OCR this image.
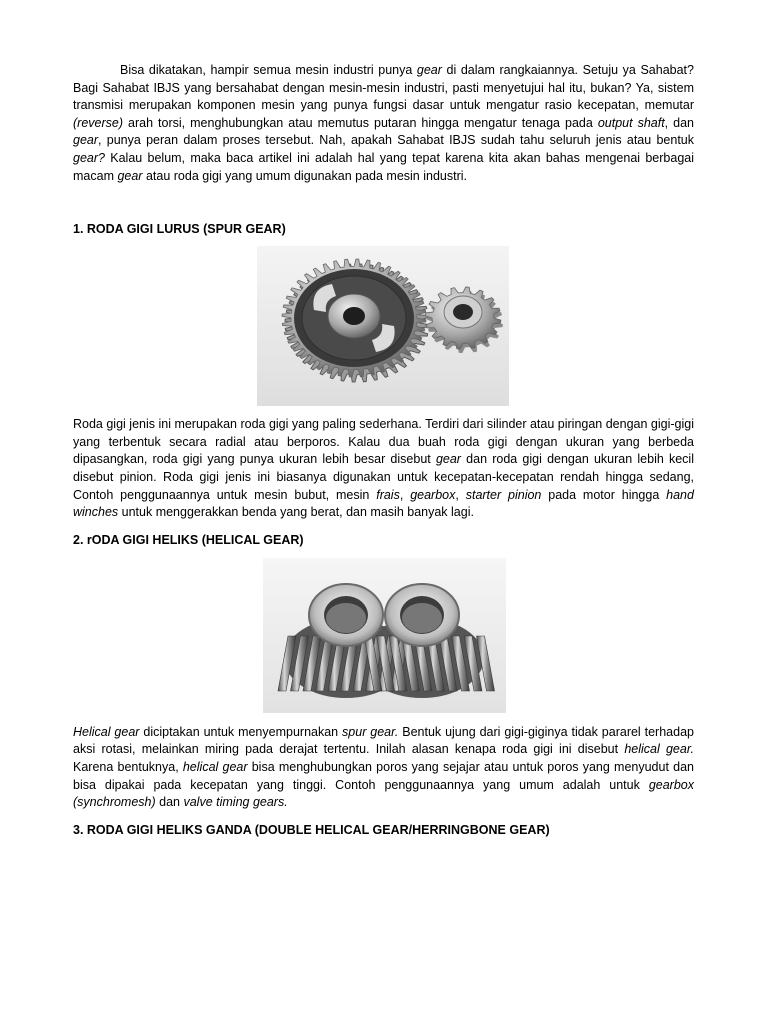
Bisa dikatakan, hampir semua mesin industri punya gear di dalam rangkaiannya. Setuju ya Sahabat? Bagi Sahabat IBJS yang bersahabat dengan mesin-mesin industri, pasti menyetujui hal itu, bukan? Ya, sistem transmisi merupakan komponen mesin yang punya fungsi dasar untuk mengatur rasio kecepatan, memutar (reverse) arah torsi, menghubungkan atau memutus putaran hingga mengatur tenaga pada output shaft, dan gear, punya peran dalam proses tersebut. Nah, apakah Sahabat IBJS sudah tahu seluruh jenis atau bentuk gear? Kalau belum, maka baca artikel ini adalah hal yang tepat karena kita akan bahas mengenai berbagai macam gear atau roda gigi yang umum digunakan pada mesin industri.

1. RODA GIGI LURUS (SPUR GEAR)

Roda gigi jenis ini merupakan roda gigi yang paling sederhana. Terdiri dari silinder atau piringan dengan gigi-gigi yang terbentuk secara radial atau berporos. Kalau dua buah roda gigi dengan ukuran yang berbeda dipasangkan, roda gigi yang punya ukuran lebih besar disebut gear dan roda gigi dengan ukuran lebih kecil disebut pinion. Roda gigi jenis ini biasanya digunakan untuk kecepatan-kecepatan rendah hingga sedang, Contoh penggunaannya untuk mesin bubut, mesin frais, gearbox, starter pinion pada motor hingga hand winches untuk menggerakkan benda yang berat, dan masih banyak lagi.

2. rODA GIGI HELIKS (HELICAL GEAR)

Helical gear diciptakan untuk menyempurnakan spur gear. Bentuk ujung dari gigi-giginya tidak pararel terhadap aksi rotasi, melainkan miring pada derajat tertentu. Inilah alasan kenapa roda gigi ini disebut helical gear. Karena bentuknya, helical gear bisa menghubungkan poros yang sejajar atau untuk poros yang menyudut dan bisa dipakai pada kecepatan yang tinggi. Contoh penggunaannya yang umum adalah untuk gearbox (synchromesh) dan valve timing gears.

3. RODA GIGI HELIKS GANDA (DOUBLE HELICAL GEAR/HERRINGBONE GEAR)
